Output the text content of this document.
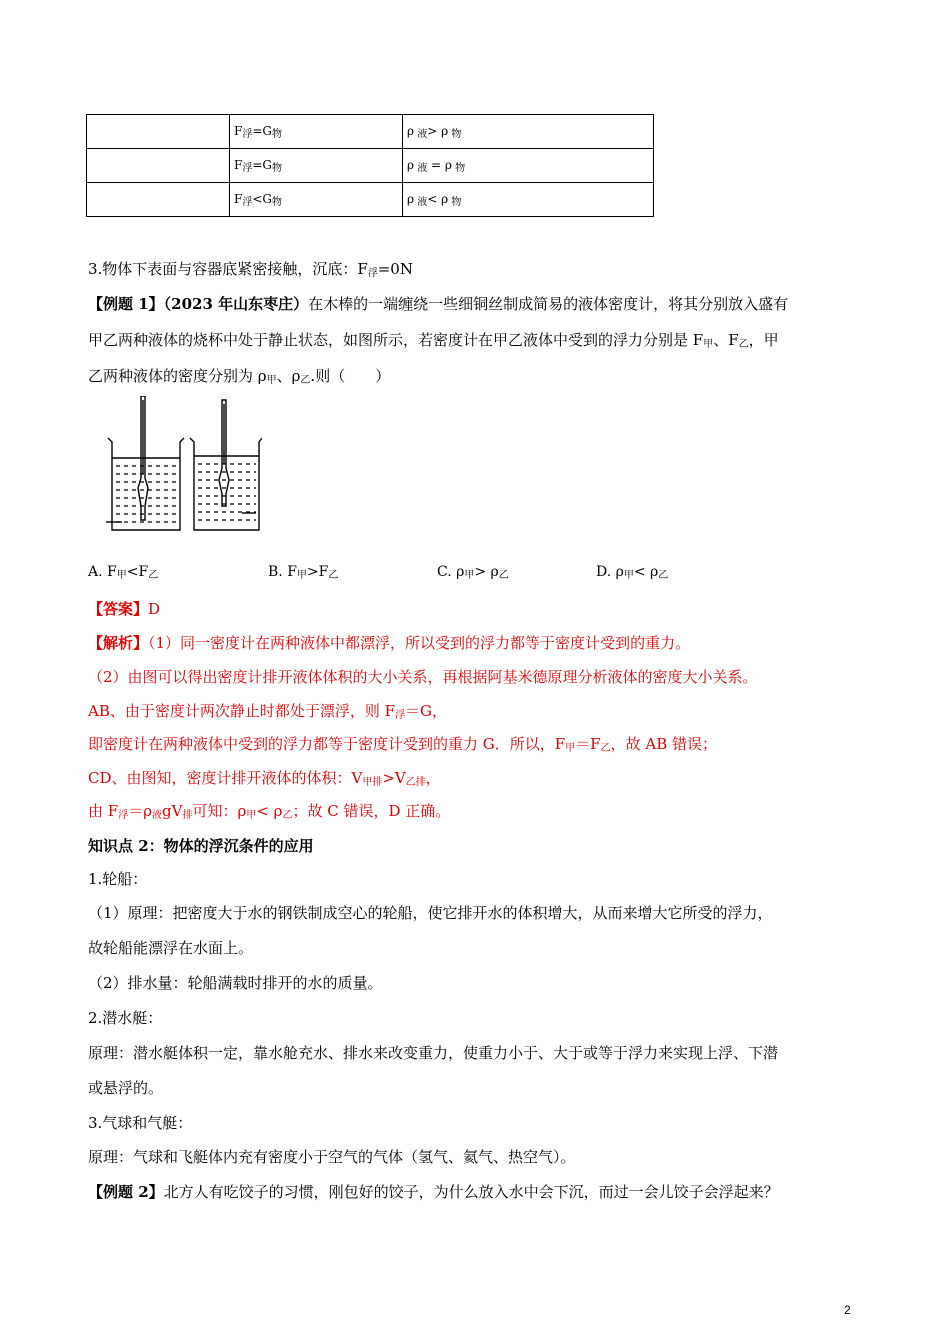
	$F_浮=G_物$	ρ $_液$> ρ $_物$
	$F_浮=G_物$	ρ $_液$ = ρ $_物$
	$F_浮<G_物$	ρ $_液$< ρ $_物$
3.物体下表面与容器底紧密接触，沉底：$F_浮=0N$
【例题 1】（2023 年山东枣庄）在木棒的一端缠绕一些细铜丝制成简易的液体密度计，将其分别放入盛有
甲乙两种液体的烧杯中处于静止状态，如图所示，若密度计在甲乙液体中受到的浮力分别是 $F_甲$、$F_乙$，甲
乙两种液体的密度分别为 $\rho_甲$、$\rho_乙$.则（　　）
A. $F_甲<F_乙$	B. $F_甲>F_乙$	C. $\rho_甲> \rho_乙$	D. $\rho_甲< \rho_乙$
【答案】D
【解析】（1）同一密度计在两种液体中都漂浮，所以受到的浮力都等于密度计受到的重力。
（2）由图可以得出密度计排开液体体积的大小关系，再根据阿基米德原理分析液体的密度大小关系。
AB、由于密度计两次静止时都处于漂浮，则 $F_浮=G$，
即密度计在两种液体中受到的浮力都等于密度计受到的重力 G．所以，$F_甲=F_乙$，故 AB 错误；
CD、由图知，密度计排开液体的体积：$V_{甲排}>V_{乙排}$，
由 $F_浮=\rho_液gV_排$可知：$\rho_甲< \rho_乙$；故 C 错误，D 正确。
知识点 2：物体的浮沉条件的应用
1.轮船：
（1）原理：把密度大于水的钢铁制成空心的轮船，使它排开水的体积增大，从而来增大它所受的浮力，
故轮船能漂浮在水面上。
（2）排水量：轮船满载时排开的水的质量。
2.潜水艇：
原理：潜水艇体积一定，靠水舱充水、排水来改变重力，使重力小于、大于或等于浮力来实现上浮、下潜
或悬浮的。
3.气球和气艇：
原理：气球和飞艇体内充有密度小于空气的气体（氢气、氦气、热空气）。
【例题 2】北方人有吃饺子的习惯，刚包好的饺子，为什么放入水中会下沉，而过一会儿饺子会浮起来？
2
